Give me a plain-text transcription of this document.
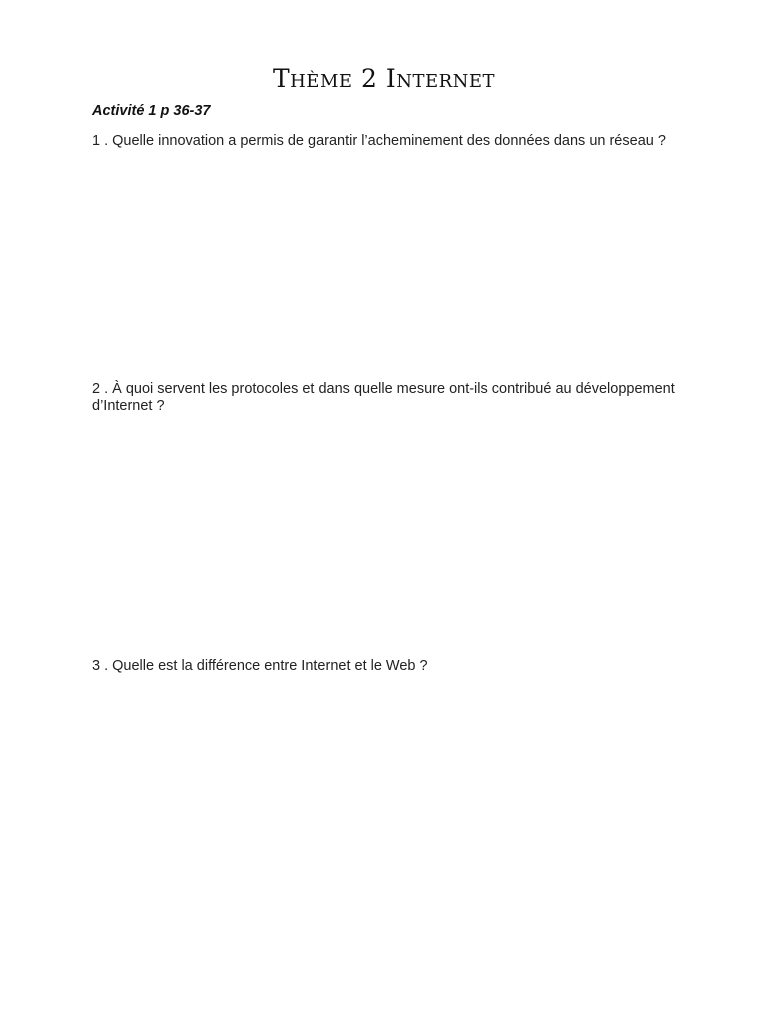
Thème 2 Internet
Activité 1 p 36-37
1 . Quelle innovation a permis de garantir l’acheminement des données dans un réseau ?
2 . À quoi servent les protocoles et dans quelle mesure ont-ils contribué au développement d’Internet ?
3 . Quelle est la différence entre Internet et le Web ?
